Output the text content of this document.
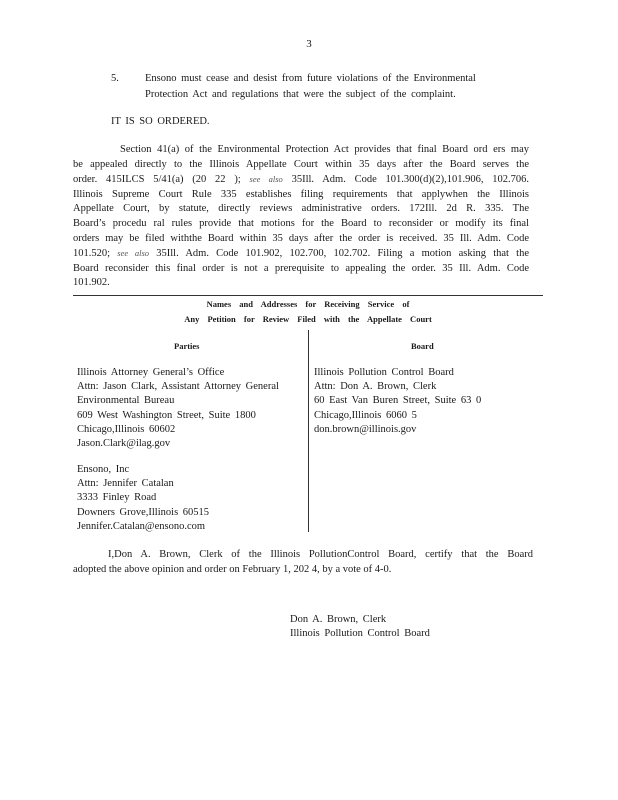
3
5. Ensono must cease and desist from future violations of the Environmental
Protection Act and regulations that were the subject of the complaint.
IT IS SO ORDERED.
Section 41(a) of the Environmental Protection Act provides that final Board ord ers may
be appealed directly to the Illinois Appellate Court within 35 days after the Board serves the
order. 415ILCS 5/41(a) (20 22 ); see also 35Ill. Adm. Code 101.300(d)(2),101.906, 102.706.
Illinois Supreme Court Rule 335 establishes filing requirements that applywhen the Illinois
Appellate Court, by statute, directly reviews administrative orders. 172Ill. 2d R. 335. The
Board’s procedu ral rules provide that motions for the Board to reconsider or modify its final
orders may be filed withthe Board within 35 days after the order is received. 35 Ill. Adm. Code
101.520; see also 35Ill. Adm. Code 101.902, 102.700, 102.702. Filing a motion asking that the
Board reconsider this final order is not a prerequisite to appealing the order. 35 Ill. Adm. Code
101.902.
Names and Addresses for Receiving Service of
Any Petition for Review Filed with the Appellate Court
Parties	Board
Illinois Attorney General’s Office
Attn: Jason Clark, Assistant Attorney General
Environmental Bureau
609 West Washington Street, Suite 1800
Chicago,Illinois 60602
Jason.Clark@ilag.gov
Illinois Pollution Control Board
Attn: Don A. Brown, Clerk
60 East Van Buren Street, Suite 63 0
Chicago,Illinois 6060 5
don.brown@illinois.gov
Ensono, Inc
Attn: Jennifer Catalan
3333 Finley Road
Downers Grove,Illinois 60515
Jennifer.Catalan@ensono.com
I,Don A. Brown, Clerk of the Illinois PollutionControl Board, certify that the Board
adopted the above opinion and order on February 1, 202 4, by a vote of 4-0.
Don A. Brown, Clerk
Illinois Pollution Control Board
